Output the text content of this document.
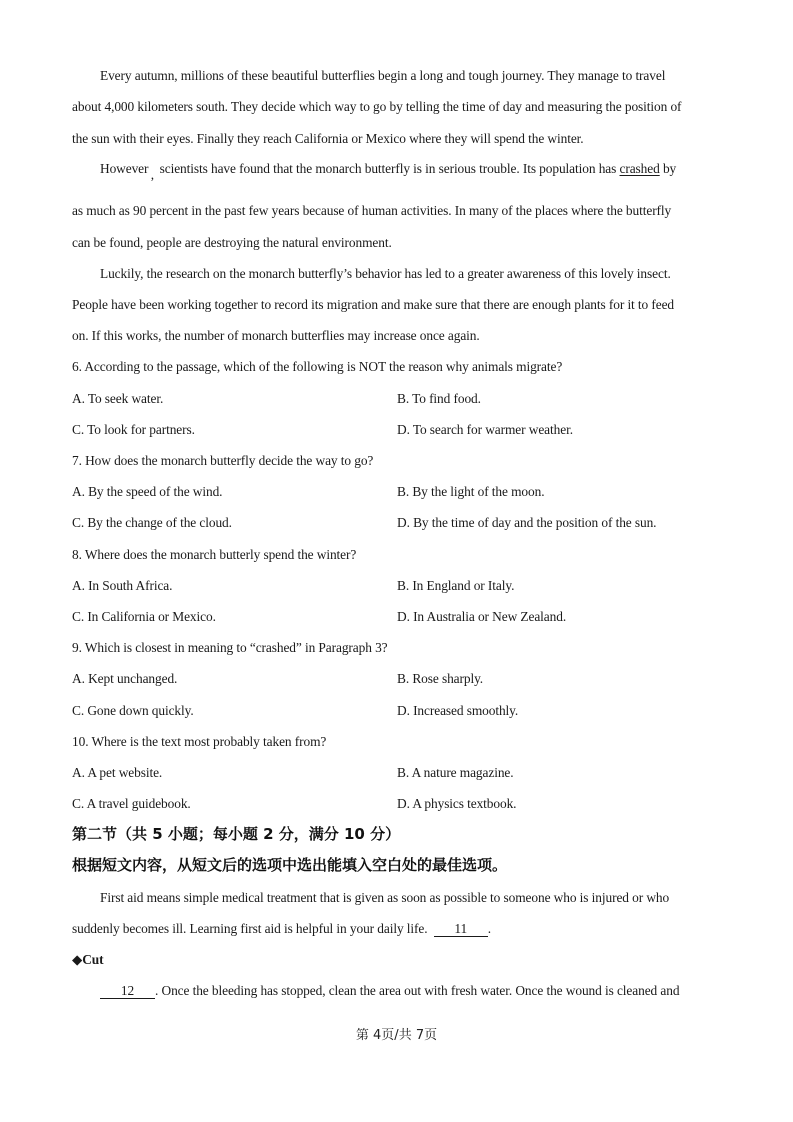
Every autumn, millions of these beautiful butterflies begin a long and tough journey. They manage to travel
about 4,000 kilometers south. They decide which way to go by telling the time of day and measuring the position of
the sun with their eyes. Finally they reach California or Mexico where they will spend the winter.
However , scientists have found that the monarch butterfly is in serious trouble. Its population has crashed by
as much as 90 percent in the past few years because of human activities. In many of the places where the butterfly
can be found, people are destroying the natural environment.
Luckily, the research on the monarch butterfly’s behavior has led to a greater awareness of this lovely insect.
People have been working together to record its migration and make sure that there are enough plants for it to feed
on. If this works, the number of monarch butterflies may increase once again.
6. According to the passage, which of the following is NOT the reason why animals migrate?
A. To seek water.	B. To find food.
C. To look for partners.	D. To search for warmer weather.
7. How does the monarch butterfly decide the way to go?
A. By the speed of the wind.	B. By the light of the moon.
C. By the change of the cloud.	D. By the time of day and the position of the sun.
8. Where does the monarch butterly spend the winter?
A. In South Africa.	B. In England or Italy.
C. In California or Mexico.	D. In Australia or New Zealand.
9. Which is closest in meaning to “crashed” in Paragraph 3?
A. Kept unchanged.	B. Rose sharply.
C. Gone down quickly.	D. Increased smoothly.
10. Where is the text most probably taken from?
A. A pet website.	B. A nature magazine.
C. A travel guidebook.	D. A physics textbook.
第二节（共 5 小题；每小题 2 分，满分 10 分）
根据短文内容，从短文后的选项中选出能填入空白处的最佳选项。
First aid means simple medical treatment that is given as soon as possible to someone who is injured or who
suddenly becomes ill. Learning first aid is helpful in your daily life. 11 .
◆Cut
12 . Once the bleeding has stopped, clean the area out with fresh water. Once the wound is cleaned and
第 4页/共 7页
